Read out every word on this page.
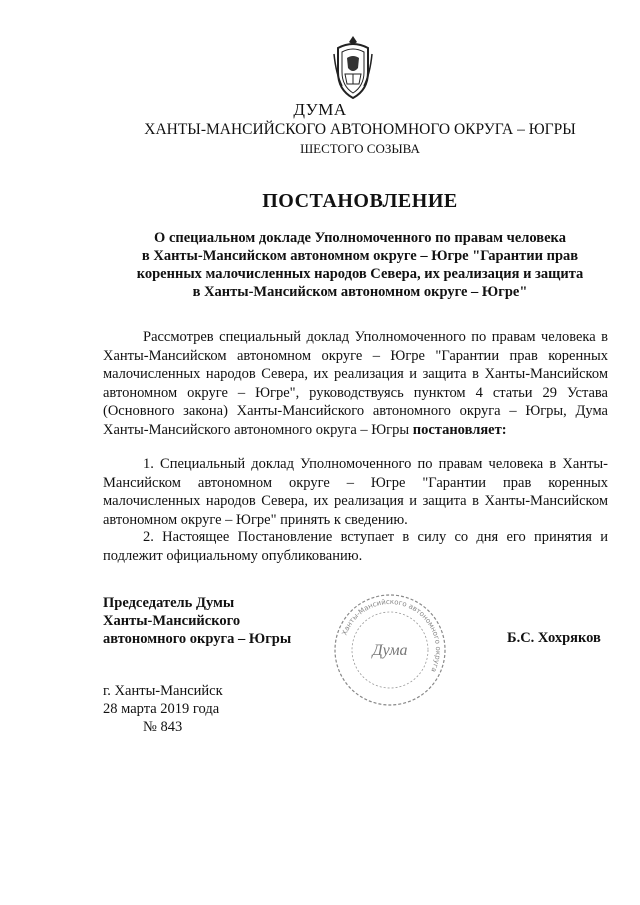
ДУМА
ХАНТЫ-МАНСИЙСКОГО АВТОНОМНОГО ОКРУГА – ЮГРЫ
ШЕСТОГО СОЗЫВА
ПОСТАНОВЛЕНИЕ
О специальном докладе Уполномоченного по правам человека
в Ханты-Мансийском автономном округе – Югре "Гарантии прав
коренных малочисленных народов Севера, их реализация и защита
в Ханты-Мансийском автономном округе – Югре"

Рассмотрев специальный доклад Уполномоченного по правам человека в Ханты-Мансийском автономном округе – Югре "Гарантии прав коренных малочисленных народов Севера, их реализация и защита в Ханты-Мансийском автономном округе – Югре", руководствуясь пунктом 4 статьи 29 Устава (Основного закона) Ханты-Мансийского автономного округа – Югры, Дума Ханты-Мансийского автономного округа – Югры постановляет:

1. Специальный доклад Уполномоченного по правам человека в Ханты-Мансийском автономном округе – Югре "Гарантии прав коренных малочисленных народов Севера, их реализация и защита в Ханты-Мансийском автономном округе – Югре" принять к сведению.

2. Настоящее Постановление вступает в силу со дня его принятия и подлежит официальному опубликованию.

Председатель Думы
Ханты-Мансийского
автономного округа – Югры	Ханты-Мансийского автономного округа
Дума
Б.С. Хохряков
г. Ханты-Мансийск
28 марта 2019 года
№ 843
